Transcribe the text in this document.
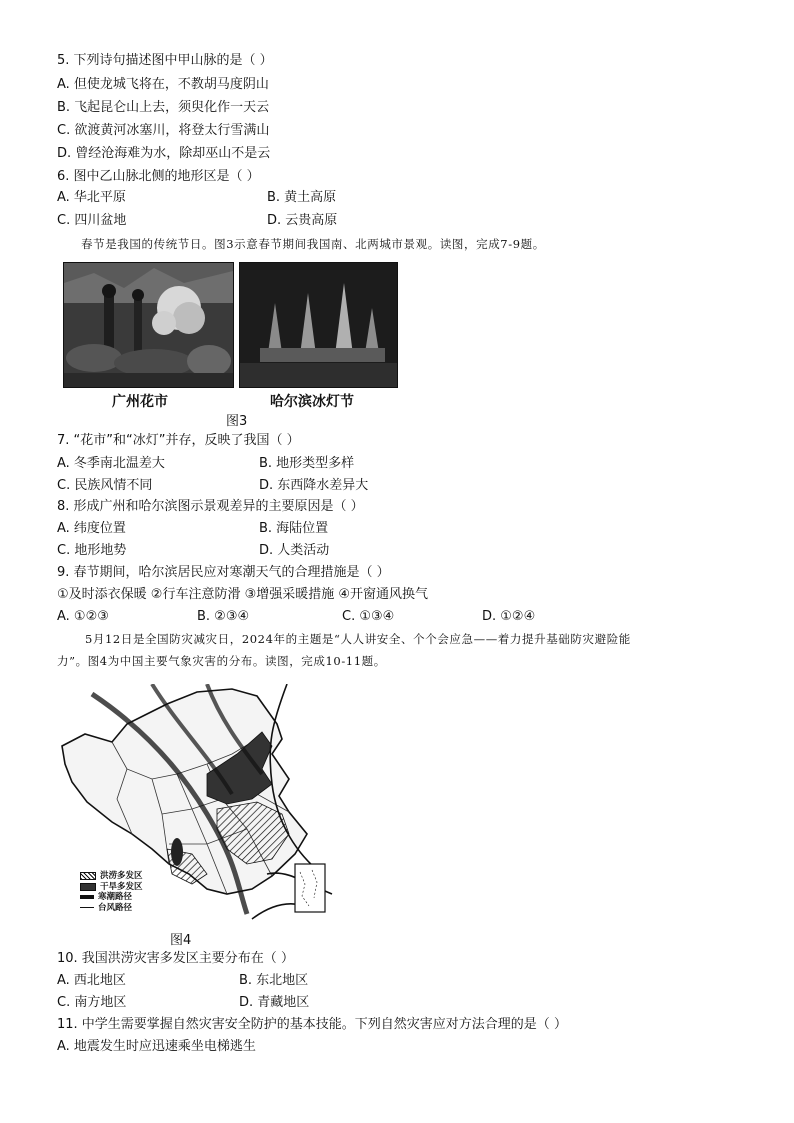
5. 下列诗句描述图中甲山脉的是（ ）
A. 但使龙城飞将在，不教胡马度阴山
B. 飞起昆仑山上去，须臾化作一天云
C. 欲渡黄河冰塞川，将登太行雪满山
D. 曾经沧海难为水，除却巫山不是云
6. 图中乙山脉北侧的地形区是（ ）
A. 华北平原	B. 黄土高原
C. 四川盆地	D. 云贵高原
春节是我国的传统节日。图3示意春节期间我国南、北两城市景观。读图，完成7-9题。
广州花市	哈尔滨冰灯节
图3
7. “花市”和“冰灯”并存，反映了我国（ ）
A. 冬季南北温差大	B. 地形类型多样
C. 民族风情不同	D. 东西降水差异大
8. 形成广州和哈尔滨图示景观差异的主要原因是（ ）
A. 纬度位置	B. 海陆位置
C. 地形地势	D. 人类活动
9. 春节期间，哈尔滨居民应对寒潮天气的合理措施是（ ）
①及时添衣保暖 ②行车注意防滑 ③增强采暖措施 ④开窗通风换气
A. ①②③	B. ②③④	C. ①③④	D. ①②④
5月12日是全国防灾减灾日，2024年的主题是“人人讲安全、个个会应急——着力提升基础防灾避险能
力”。图4为中国主要气象灾害的分布。读图，完成10-11题。
洪涝多发区
干旱多发区
寒潮路径
台风路径
图4
10. 我国洪涝灾害多发区主要分布在（ ）
A. 西北地区	B. 东北地区
C. 南方地区	D. 青藏地区
11. 中学生需要掌握自然灾害安全防护的基本技能。下列自然灾害应对方法合理的是（ ）
A. 地震发生时应迅速乘坐电梯逃生
